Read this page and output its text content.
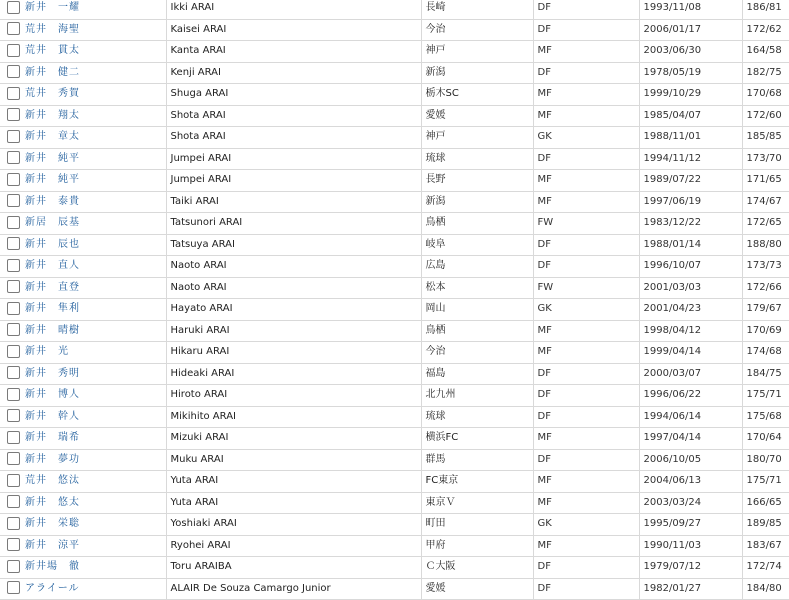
	新井　一耀	Ikki ARAI	長崎	DF	1993/11/08	186/81
	荒井　海聖	Kaisei ARAI	今治	DF	2006/01/17	172/62
	荒井　貫太	Kanta ARAI	神戸	MF	2003/06/30	164/58
	新井　健二	Kenji ARAI	新潟	DF	1978/05/19	182/75
	荒井　秀賀	Shuga ARAI	栃木SC	MF	1999/10/29	170/68
	新井　翔太	Shota ARAI	愛媛	MF	1985/04/07	172/60
	新井　章太	Shota ARAI	神戸	GK	1988/11/01	185/85
	新井　純平	Jumpei ARAI	琉球	DF	1994/11/12	173/70
	新井　純平	Jumpei ARAI	長野	MF	1989/07/22	171/65
	新井　泰貴	Taiki ARAI	新潟	MF	1997/06/19	174/67
	新居　辰基	Tatsunori ARAI	鳥栖	FW	1983/12/22	172/65
	新井　辰也	Tatsuya ARAI	岐阜	DF	1988/01/14	188/80
	新井　直人	Naoto ARAI	広島	DF	1996/10/07	173/73
	新井　直登	Naoto ARAI	松本	FW	2001/03/03	172/66
	新井　隼利	Hayato ARAI	岡山	GK	2001/04/23	179/67
	新井　晴樹	Haruki ARAI	鳥栖	MF	1998/04/12	170/69
	新井　光	Hikaru ARAI	今治	MF	1999/04/14	174/68
	新井　秀明	Hideaki ARAI	福島	DF	2000/03/07	184/75
	新井　博人	Hiroto ARAI	北九州	DF	1996/06/22	175/71
	新井　幹人	Mikihito ARAI	琉球	DF	1994/06/14	175/68
	新井　瑞希	Mizuki ARAI	横浜FC	MF	1997/04/14	170/64
	新井　夢功	Muku ARAI	群馬	DF	2006/10/05	180/70
	荒井　悠汰	Yuta ARAI	FC東京	MF	2004/06/13	175/71
	新井　悠太	Yuta ARAI	東京Ｖ	MF	2003/03/24	166/65
	新井　栄聡	Yoshiaki ARAI	町田	GK	1995/09/27	189/85
	新井　涼平	Ryohei ARAI	甲府	MF	1990/11/03	183/67
	新井場　徹	Toru ARAIBA	Ｃ大阪	DF	1979/07/12	172/74
	アライール	ALAIR De Souza Camargo Junior	愛媛	DF	1982/01/27	184/80
